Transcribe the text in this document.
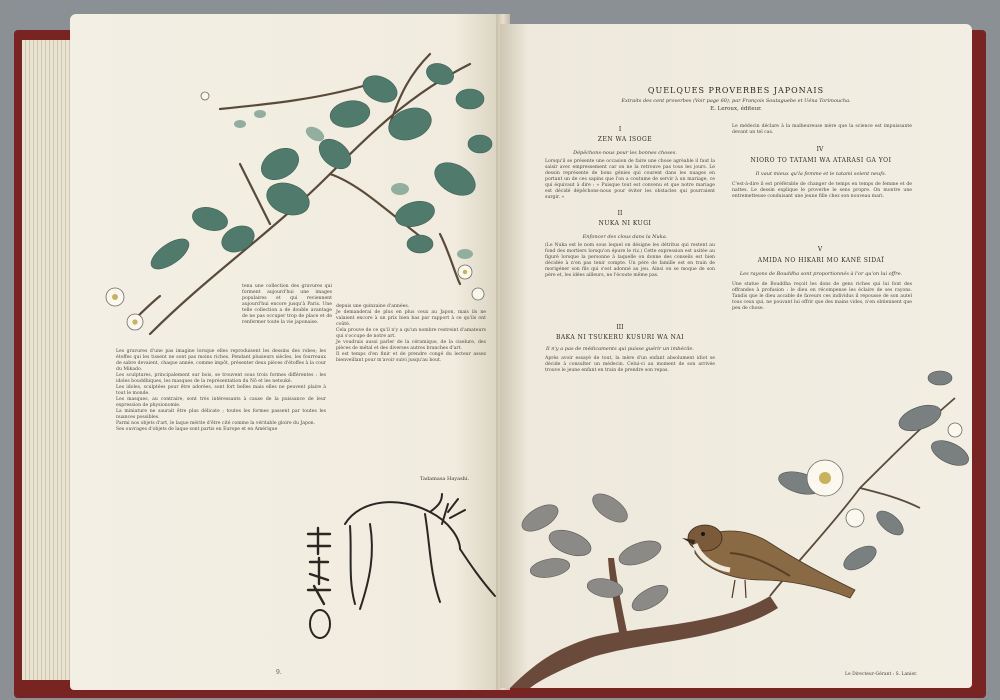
tenu une collection des gravures qui forment aujourd'hui une images populaires et qui reviennent aujourd'hui encore jusqu'à Paris. Une telle collection a de double avantage de ne pas occuper trop de place et de renfermer toute la vie japonaise.
Les gravures d'une pas imagine lorsque elles reproduisent les dessins des robes; les étoffes qui les tissent ne sont pas moins riches. Pendant plusieurs siècles, les fourreaux de sabre devaient, chaque année, comme impôt, présenter deux pièces d'étoffes à la cour du Mikado.
Les sculptures, principalement sur bois, se trouvent sous trois formes différentes : les idoles bouddhiques, les masques de la représentation du Nô et les netsuké.
Les idoles, sculptées pour être adorées, sont fort belles mais elles ne peuvent plaire à tout le monde.
Les masques, au contraire, sont très intéressants à cause de la puissance de leur expression de physionomie.
La miniature ne saurait être plus délicate ; toutes les formes passent par toutes les nuances possibles.
Parmi nos objets d'art, le laque mérite d'être cité comme la véritable gloire du Japon.
Ses ouvrages d'objets de laque sont partis en Europe et en Amérique
depuis une quinzaine d'années.
Je demanderai de plus en plus ceux au Japon, mais ils ne valaient encore à un prix bien bas par rapport à ce qu'ils ont coûté.
Cela prouve de ce qu'il n'y a qu'un nombre restreint d'amateurs qui s'occupe de notre art.
Je voudrais aussi parler de la céramique, de la ciselure, des pièces de métal et des diverses autres branches d'art.
Il est temps d'en finir et de prendre congé du lecteur assez bienveillant pour m'avoir suivi jusqu'au bout.
Tadamasa Hayashi.
9.
QUELQUES PROVERBES JAPONAIS
Extraits des cent proverbes (Voir page 60), par François Soutaguebe et Uéna Torimoucha.
E. Leroux, éditeur.
I
ZEN WA ISOGE
Dépêchons-nous pour les bonnes choses.
Lorsqu'il se présente une occasion de faire une chose agréable il faut la saisir avec empressement car on ne la retrouve pas tous les jours. Le dessin représente de bons génies qui courent dans les nuages en portant un de ces sapins que l'on a coutume de servir à un mariage, ce qui équivaut à dire : « Puisque tout est convenu et que notre mariage est décidé dépêchons-nous pour éviter les obstacles qui pourraient surgir. »
II
NUKA NI KUGI
Enfoncer des clous dans la Nuka.
(Le Nuka est le nom sous lequel on désigne les détritus qui restent au fond des mortiers lorsqu'on épure le riz.) Cette expression est usitée au figuré lorsque la personne à laquelle on donne des conseils est bien décidée à n'en pas tenir compte. Un père de famille est en train de morigéner son fils qui s'est adonné au jeu. Ainsi on se moque de son père et, les idées ailleurs, ne l'écoute même pas.
III
BAKA NI TSUKERU KUSURI WA NAI
Il n'y a pas de médicaments qui puisse guérir un imbécile.
Après avoir essayé de tout, la mère d'un enfant absolument idiot se décide à consulter un médecin. Celui-ci au moment de son arrivée trouve le jeune enfant en train de prendre son repas.
Le médecin déclare à la malheureuse mère que la science est impuissante devant un tel cas.
IV
NIORO TO TATAMI WA ATARASI GA YOI
Il vaut mieux qu'la femme et le tatami soient neufs.
C'est-à-dire il est préférable de changer de temps en temps de femme et de nattes. Le dessin explique le proverbe le sens propre. On montre une entremetteuse conduisant une jeune fille chez son nouveau mari.
V
AMIDA NO HIKARI MO KANÉ SIDAÏ
Les rayons de Bouddha sont proportionnés à l'or qu'on lui offre.
Une statue de Bouddha reçoit les dons de gens riches qui lui font des offrandes à profusion : le dieu en récompense les éclaire de ses rayons. Tandis que le dieu accable de faveurs ces individus il repousse de son autel tous ceux qui, ne pouvant lui offrir que des mains vides, n'en obtiennent que peu de chose.
Le Directeur-Gérant : S. Lanier.
